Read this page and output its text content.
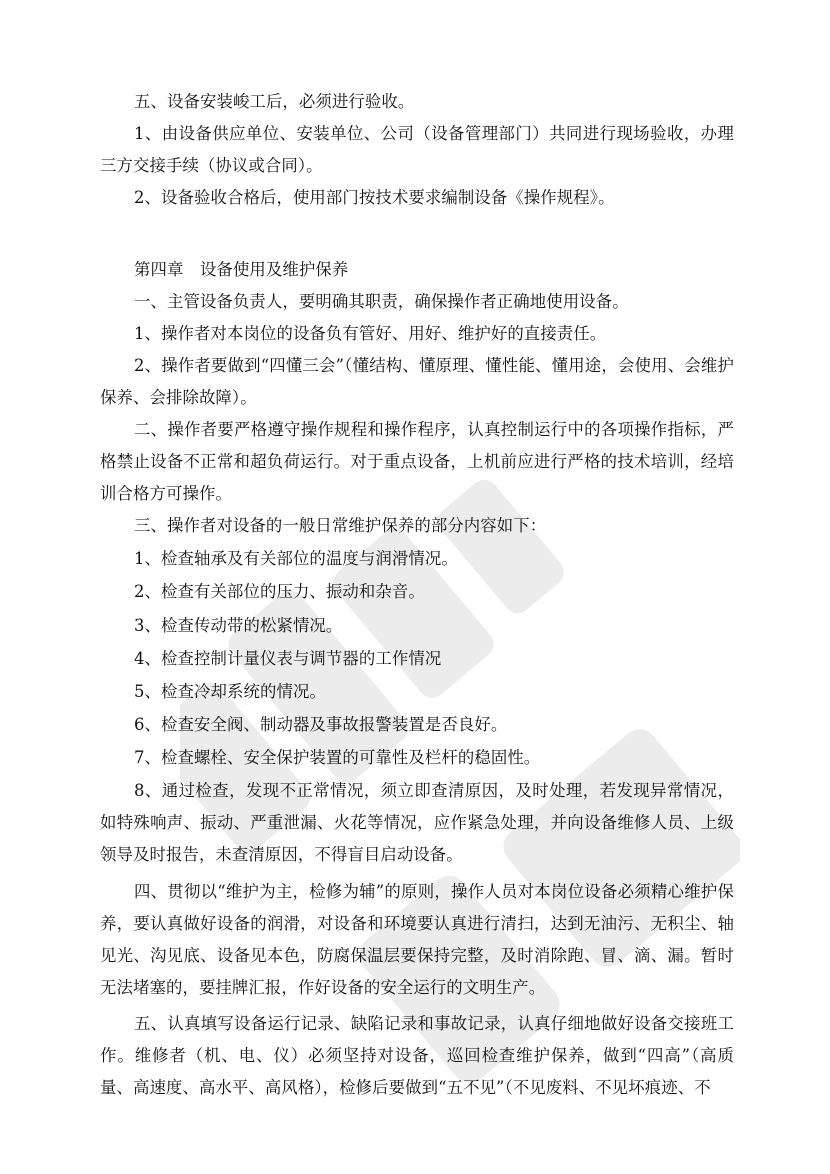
五、设备安装峻工后，必须进行验收。

1、由设备供应单位、安装单位、公司（设备管理部门）共同进行现场验收，办理三方交接手续（协议或合同）。

2、设备验收合格后，使用部门按技术要求编制设备《操作规程》。

第四章　设备使用及维护保养

一、主管设备负责人，要明确其职责，确保操作者正确地使用设备。

1、操作者对本岗位的设备负有管好、用好、维护好的直接责任。

2、操作者要做到“四懂三会”（懂结构、懂原理、懂性能、懂用途，会使用、会维护保养、会排除故障）。

二、操作者要严格遵守操作规程和操作程序，认真控制运行中的各项操作指标，严格禁止设备不正常和超负荷运行。对于重点设备，上机前应进行严格的技术培训，经培训合格方可操作。

三、操作者对设备的一般日常维护保养的部分内容如下：

1、检查轴承及有关部位的温度与润滑情况。

2、检查有关部位的压力、振动和杂音。

3、检查传动带的松紧情况。

4、检查控制计量仪表与调节器的工作情况

5、检查冷却系统的情况。

6、检查安全阀、制动器及事故报警装置是否良好。

7、检查螺栓、安全保护装置的可靠性及栏杆的稳固性。

8、通过检查，发现不正常情况，须立即查清原因，及时处理，若发现异常情况，如特殊响声、振动、严重泄漏、火花等情况，应作紧急处理，并向设备维修人员、上级领导及时报告，未查清原因，不得盲目启动设备。

四、贯彻以“维护为主，检修为辅”的原则，操作人员对本岗位设备必须精心维护保养，要认真做好设备的润滑，对设备和环境要认真进行清扫，达到无油污、无积尘、轴见光、沟见底、设备见本色，防腐保温层要保持完整，及时消除跑、冒、滴、漏。暂时无法堵塞的，要挂牌汇报，作好设备的安全运行的文明生产。

五、认真填写设备运行记录、缺陷记录和事故记录，认真仔细地做好设备交接班工作。维修者（机、电、仪）必须坚持对设备，巡回检查维护保养，做到“四高”（高质量、高速度、高水平、高风格），检修后要做到“五不见”（不见废料、不见坏痕迹、不
